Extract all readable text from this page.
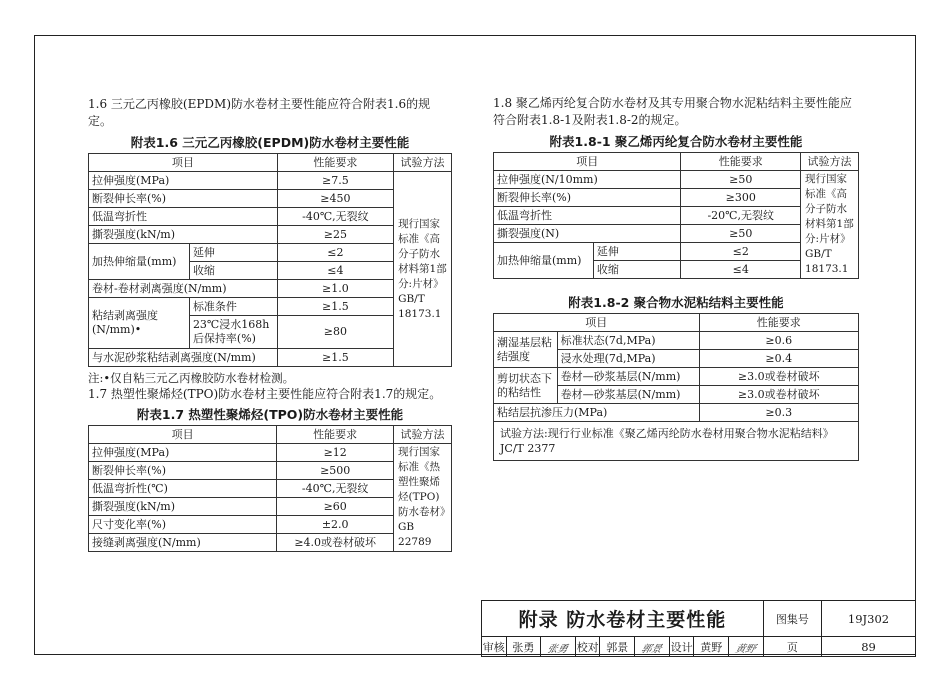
1.6 三元乙丙橡胶(EPDM)防水卷材主要性能应符合附表1.6的规定。

附表1.6 三元乙丙橡胶(EPDM)防水卷材主要性能
项目		性能要求	试验方法
拉伸强度(MPa)		≥7.5	现行国家标准《高分子防水材料第1部分:片材》GB/T 18173.1
断裂伸长率(%)		≥450	
低温弯折性		-40℃,无裂纹	
撕裂强度(kN/m)		≥25	
加热伸缩量(mm)	延伸	≤2	
	收缩	≤4	
卷材-卷材剥离强度(N/mm)		≥1.0	
粘结剥离强度(N/mm)•	标准条件	≥1.5	
	23℃浸水168h后保持率(%)	≥80	
与水泥砂浆粘结剥离强度(N/mm)		≥1.5	
注:•仅自粘三元乙丙橡胶防水卷材检测。

1.7 热塑性聚烯烃(TPO)防水卷材主要性能应符合附表1.7的规定。

附表1.7 热塑性聚烯烃(TPO)防水卷材主要性能
项目	性能要求	试验方法
拉伸强度(MPa)	≥12	现行国家标准《热塑性聚烯烃(TPO)防水卷材》GB 22789
断裂伸长率(%)	≥500	
低温弯折性(℃)	-40℃,无裂纹	
撕裂强度(kN/m)	≥60	
尺寸变化率(%)	±2.0	
接缝剥离强度(N/mm)	≥4.0或卷材破坏	

1.8 聚乙烯丙纶复合防水卷材及其专用聚合物水泥粘结料主要性能应符合附表1.8-1及附表1.8-2的规定。

附表1.8-1 聚乙烯丙纶复合防水卷材主要性能
项目		性能要求	试验方法
拉伸强度(N/10mm)		≥50	现行国家标准《高分子防水材料第1部分:片材》GB/T 18173.1
断裂伸长率(%)		≥300	
低温弯折性		-20℃,无裂纹	
撕裂强度(N)		≥50	
加热伸缩量(mm)	延伸	≤2	
	收缩	≤4	
附表1.8-2 聚合物水泥粘结料主要性能
项目		性能要求
潮湿基层粘结强度	标准状态(7d,MPa)	≥0.6
	浸水处理(7d,MPa)	≥0.4
剪切状态下的粘结性	卷材—砂浆基层(N/mm)	≥3.0或卷材破坏
	卷材—砂浆基层(N/mm)	≥3.0或卷材破坏
粘结层抗渗压力(MPa)		≥0.3
试验方法:现行行业标准《聚乙烯丙纶防水卷材用聚合物水泥粘结料》JC/T 2377		
附录 防水卷材主要性能									图集号	19J302
审核	张勇	张勇	校对	郭景	郭景	设计	黄野	黄野	页	89
